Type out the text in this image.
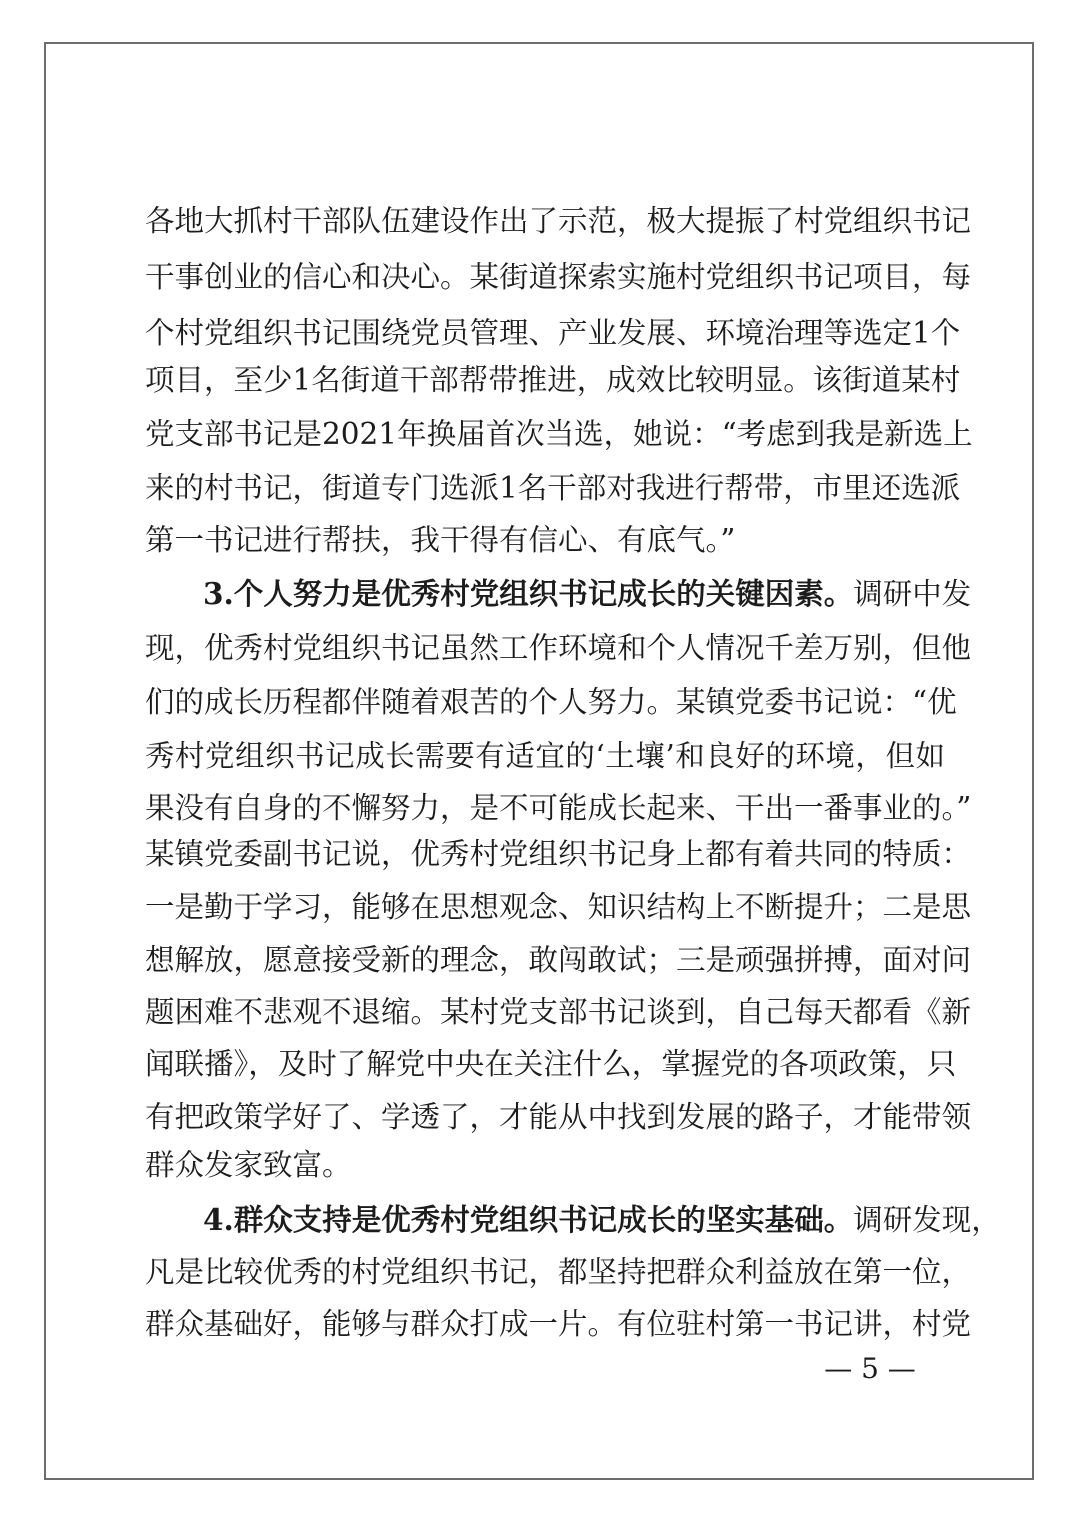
各地大抓村干部队伍建设作出了示范，极大提振了村党组织书记
干事创业的信心和决心。某街道探索实施村党组织书记项目，每
个村党组织书记围绕党员管理、产业发展、环境治理等选定1个
项目，至少1名街道干部帮带推进，成效比较明显。该街道某村
党支部书记是2021年换届首次当选，她说：“考虑到我是新选上
来的村书记，街道专门选派1名干部对我进行帮带，市里还选派
第一书记进行帮扶，我干得有信心、有底气。”
3.个人努力是优秀村党组织书记成长的关键因素。调研中发
现，优秀村党组织书记虽然工作环境和个人情况千差万别，但他
们的成长历程都伴随着艰苦的个人努力。某镇党委书记说：“优
秀村党组织书记成长需要有适宜的‘土壤’和良好的环境，但如
果没有自身的不懈努力，是不可能成长起来、干出一番事业的。”
某镇党委副书记说，优秀村党组织书记身上都有着共同的特质：
一是勤于学习，能够在思想观念、知识结构上不断提升；二是思
想解放，愿意接受新的理念，敢闯敢试；三是顽强拼搏，面对问
题困难不悲观不退缩。某村党支部书记谈到，自己每天都看《新
闻联播》，及时了解党中央在关注什么，掌握党的各项政策，只
有把政策学好了、学透了，才能从中找到发展的路子，才能带领
群众发家致富。
4.群众支持是优秀村党组织书记成长的坚实基础。调研发现，
凡是比较优秀的村党组织书记，都坚持把群众利益放在第一位，
群众基础好，能够与群众打成一片。有位驻村第一书记讲，村党
— 5 —
